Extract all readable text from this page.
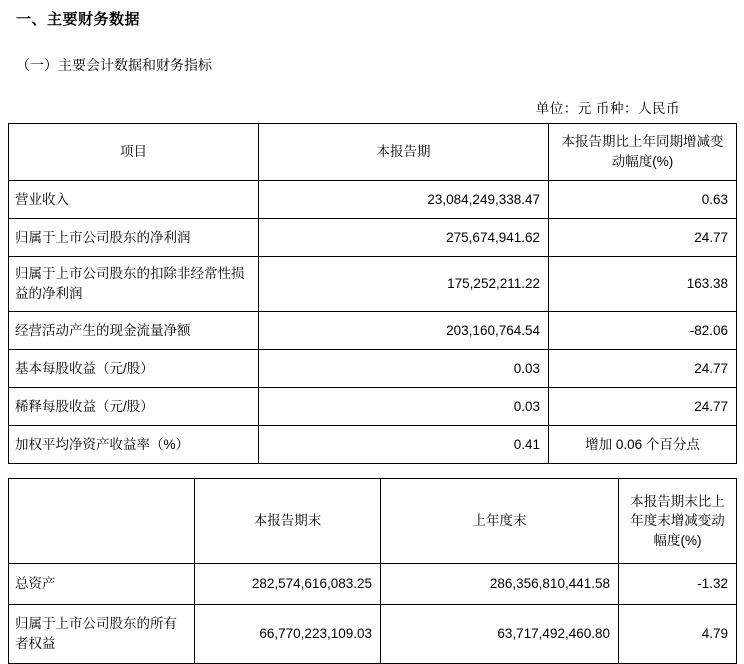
一、主要财务数据
（一）主要会计数据和财务指标
单位：元 币种：人民币
项目	本报告期	本报告期比上年同期增减变动幅度(%)
营业收入	23,084,249,338.47	0.63
归属于上市公司股东的净利润	275,674,941.62	24.77
归属于上市公司股东的扣除非经常性损益的净利润	175,252,211.22	163.38
经营活动产生的现金流量净额	203,160,764.54	-82.06
基本每股收益（元/股）	0.03	24.77
稀释每股收益（元/股）	0.03	24.77
加权平均净资产收益率（%）	0.41	增加 0.06 个百分点
	本报告期末	上年度末	本报告期末比上年度末增减变动幅度(%)
总资产	282,574,616,083.25	286,356,810,441.58	-1.32
归属于上市公司股东的所有者权益	66,770,223,109.03	63,717,492,460.80	4.79
